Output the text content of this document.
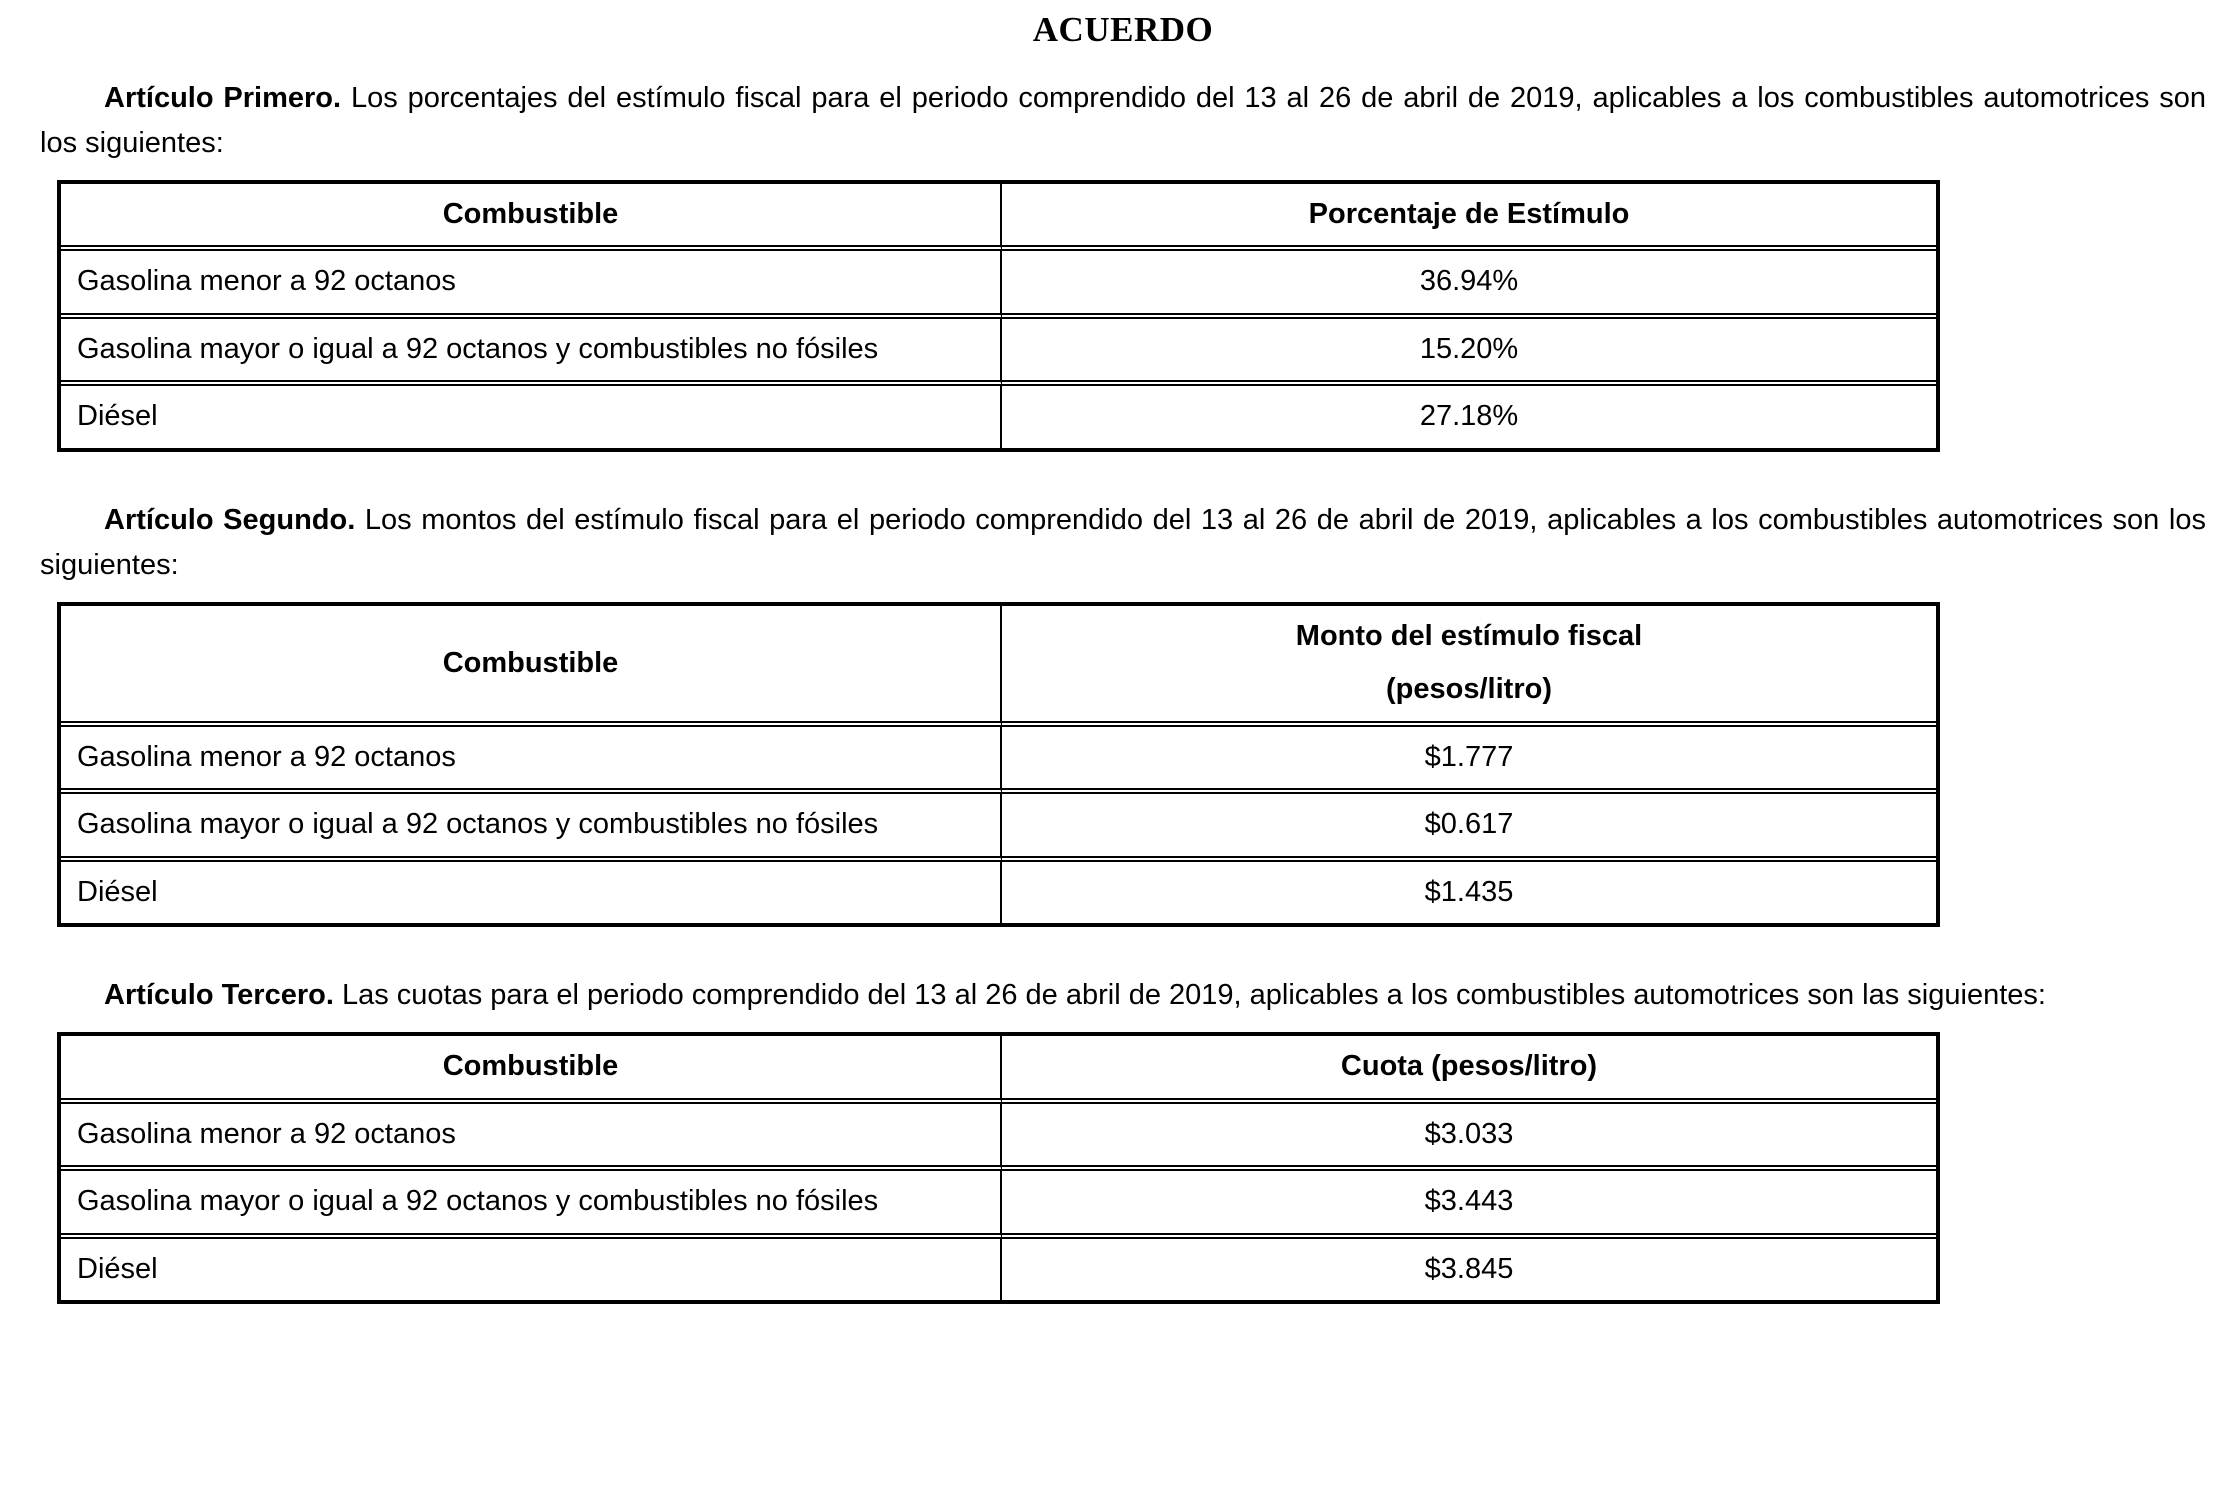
ACUERDO

Artículo Primero. Los porcentajes del estímulo fiscal para el periodo comprendido del 13 al 26 de abril de 2019, aplicables a los combustibles automotrices son los siguientes:

Combustible	Porcentaje de Estímulo

Gasolina menor a 92 octanos	36.94%
Gasolina mayor o igual a 92 octanos y combustibles no fósiles	15.20%
Diésel	27.18%

Artículo Segundo. Los montos del estímulo fiscal para el periodo comprendido del 13 al 26 de abril de 2019, aplicables a los combustibles automotrices son los siguientes:

Combustible	Monto del estímulo fiscal
(pesos/litro)

Gasolina menor a 92 octanos	$1.777
Gasolina mayor o igual a 92 octanos y combustibles no fósiles	$0.617
Diésel	$1.435

Artículo Tercero. Las cuotas para el periodo comprendido del 13 al 26 de abril de 2019, aplicables a los combustibles automotrices son las siguientes:

Combustible	Cuota (pesos/litro)

Gasolina menor a 92 octanos	$3.033
Gasolina mayor o igual a 92 octanos y combustibles no fósiles	$3.443
Diésel	$3.845
